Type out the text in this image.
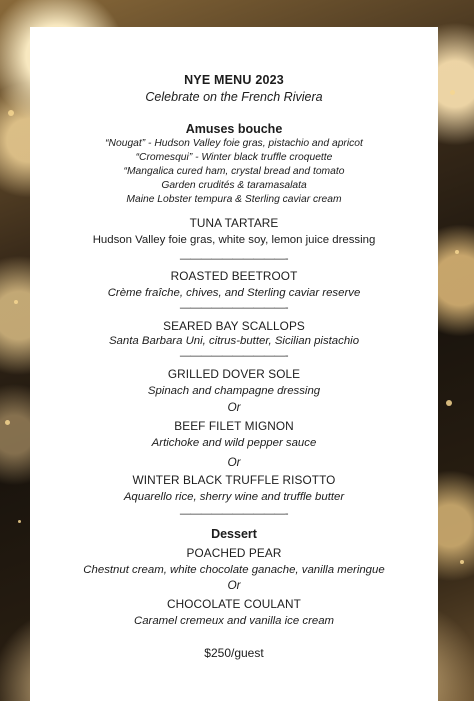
NYE MENU 2023
Celebrate on the French Riviera
Amuses bouche
“Nougat” - Hudson Valley foie gras, pistachio and apricot
“Cromesqui” - Winter black truffle croquette
“Mangalica cured ham, crystal bread and tomato
Garden crudités & taramasalata
Maine Lobster tempura & Sterling caviar cream
TUNA TARTARE
Hudson Valley foie gras, white soy, lemon juice dressing
——————————-
ROASTED BEETROOT
Crème fraîche, chives, and Sterling caviar reserve
——————————-
SEARED BAY SCALLOPS
Santa Barbara Uni, citrus-butter, Sicilian pistachio
——————————-
GRILLED DOVER SOLE
Spinach and champagne dressing
Or
BEEF FILET MIGNON
Artichoke and wild pepper sauce
Or
WINTER BLACK TRUFFLE RISOTTO
Aquarello rice, sherry wine and truffle butter
——————————-
Dessert
POACHED PEAR
Chestnut cream, white chocolate ganache, vanilla meringue
Or
CHOCOLATE COULANT
Caramel cremeux and vanilla ice cream
$250/guest
